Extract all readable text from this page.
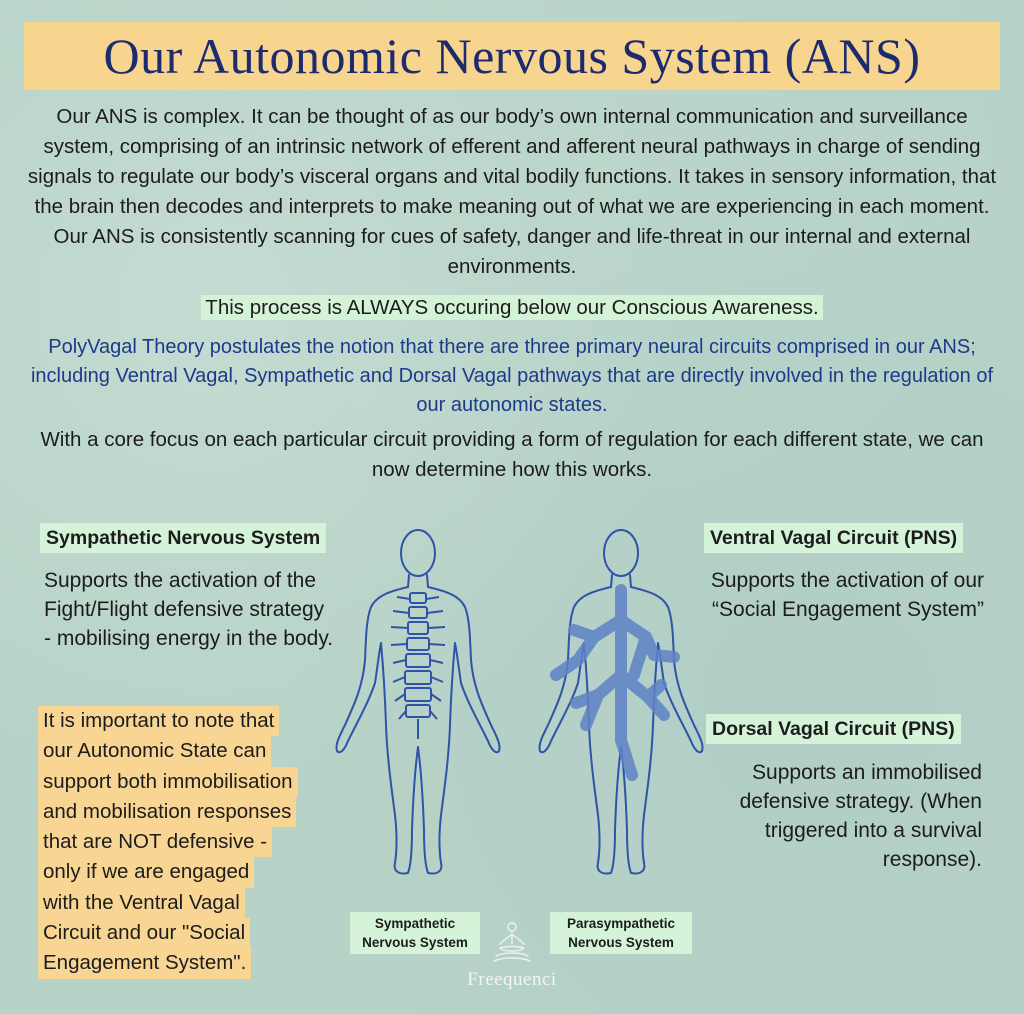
Our Autonomic Nervous System (ANS)
Our ANS is complex. It can be thought of as our body’s own internal communication and surveillance system, comprising of an intrinsic network of efferent and afferent neural pathways in charge of sending signals to regulate our body’s visceral organs and vital bodily functions. It takes in sensory information, that the brain then decodes and interprets to make meaning out of what we are experiencing in each moment. Our ANS is consistently scanning for cues of safety, danger and life-threat in our internal and external environments.
This process is ALWAYS occuring below our Conscious Awareness.
PolyVagal Theory postulates the notion that there are three primary neural circuits comprised in our ANS; including Ventral Vagal, Sympathetic and Dorsal Vagal pathways that are directly involved in the regulation of our autonomic states.
With a core focus on each particular circuit providing a form of regulation for each different state, we can now determine how this works.
Sympathetic Nervous System
Supports the activation of the Fight/Flight defensive strategy - mobilising energy in the body.
Ventral Vagal Circuit (PNS)
Supports the activation of our “Social Engagement System”
Dorsal Vagal Circuit (PNS)
Supports an immobilised defensive strategy. (When triggered into a survival response).
It is important to note that
our Autonomic State can
support both immobilisation
and mobilisation responses
that are NOT defensive -
only if we are engaged
with the Ventral Vagal
Circuit and our "Social
Engagement System".
Sympathetic Nervous System
Parasympathetic Nervous System
Freequenci
